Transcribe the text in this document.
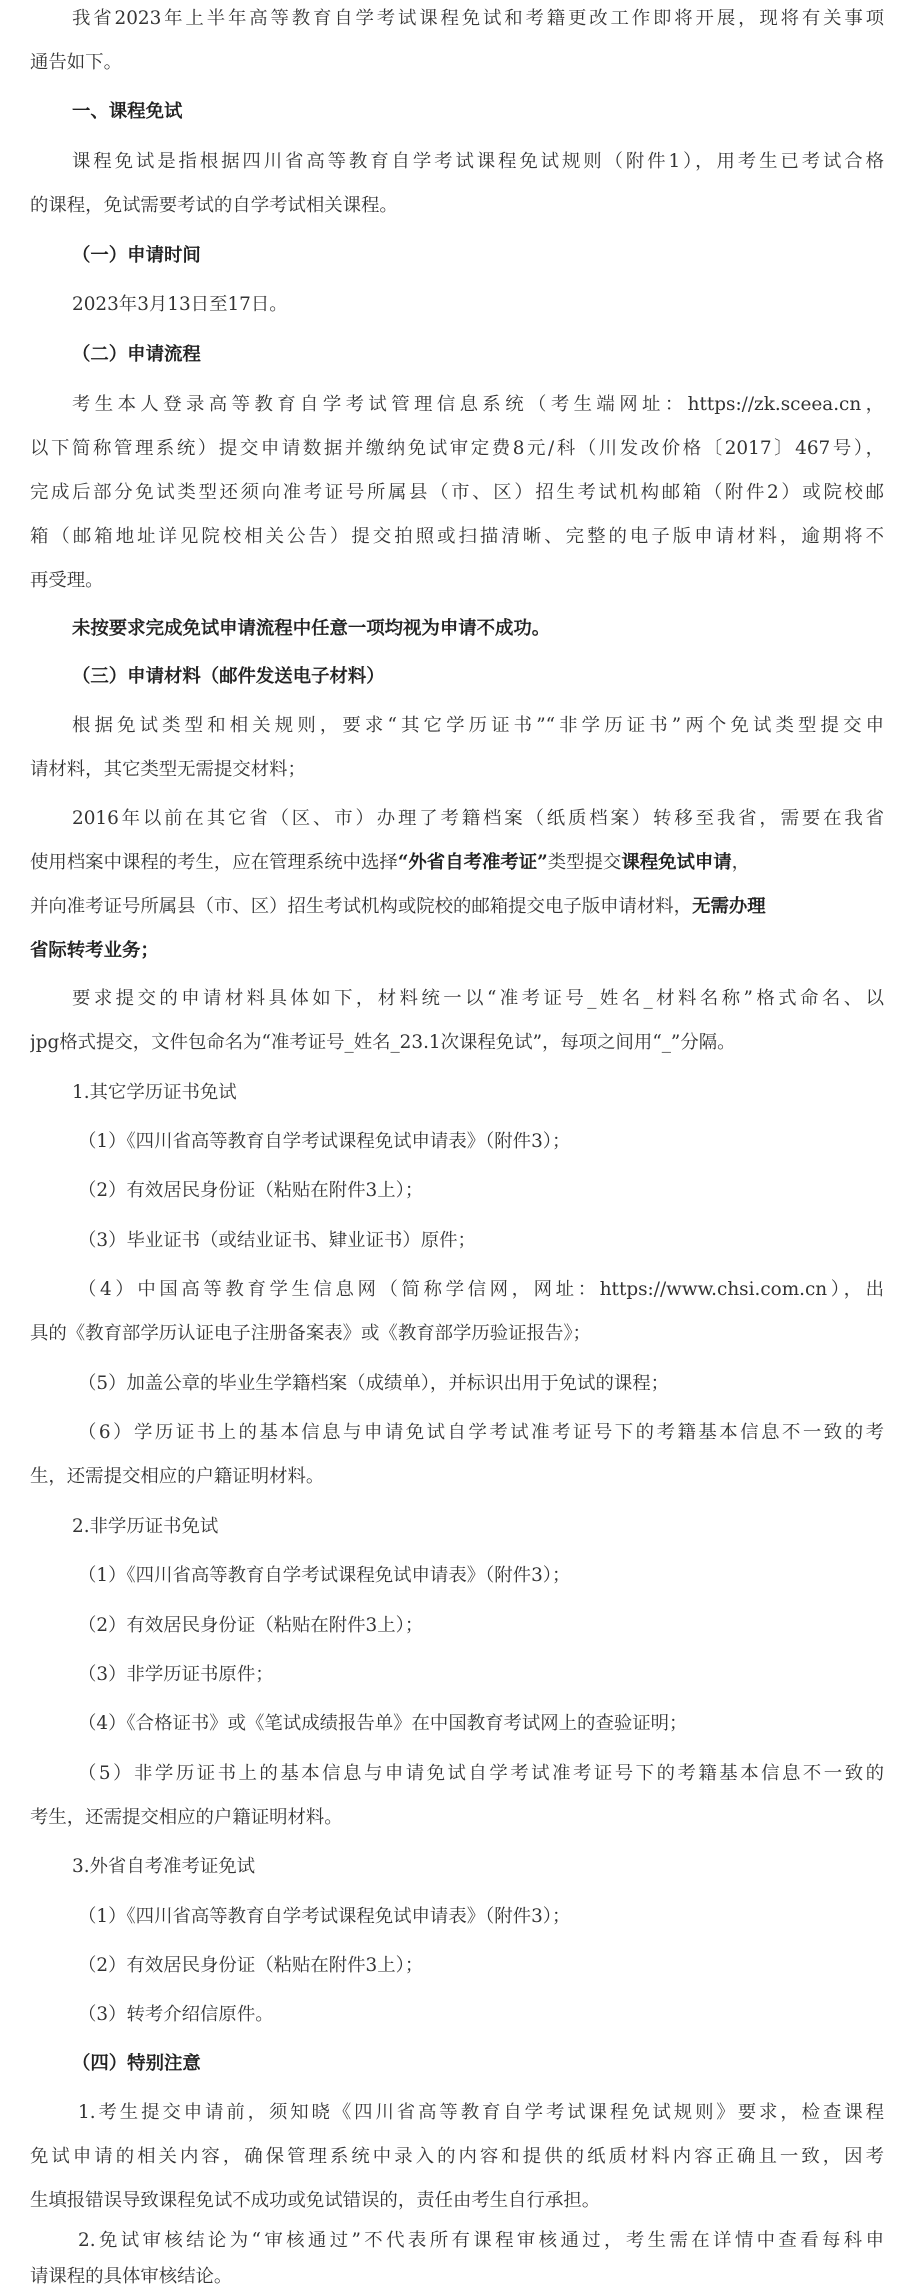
我省2023年上半年高等教育自学考试课程免试和考籍更改工作即将开展，现将有关事项
通告如下。
一、课程免试
课程免试是指根据四川省高等教育自学考试课程免试规则（附件1），用考生已考试合格
的课程，免试需要考试的自学考试相关课程。
（一）申请时间
2023年3月13日至17日。
（二）申请流程
考生本人登录高等教育自学考试管理信息系统（考生端网址：https://zk.sceea.cn，
以下简称管理系统）提交申请数据并缴纳免试审定费8元/科（川发改价格〔2017〕467号），
完成后部分免试类型还须向准考证号所属县（市、区）招生考试机构邮箱（附件2）或院校邮
箱（邮箱地址详见院校相关公告）提交拍照或扫描清晰、完整的电子版申请材料，逾期将不
再受理。
未按要求完成免试申请流程中任意一项均视为申请不成功。
（三）申请材料（邮件发送电子材料）
根据免试类型和相关规则，要求“其它学历证书”“非学历证书”两个免试类型提交申
请材料，其它类型无需提交材料；
2016年以前在其它省（区、市）办理了考籍档案（纸质档案）转移至我省，需要在我省
使用档案中课程的考生，应在管理系统中选择“外省自考准考证”类型提交课程免试申请，
并向准考证号所属县（市、区）招生考试机构或院校的邮箱提交电子版申请材料，无需办理
省际转考业务；
要求提交的申请材料具体如下，材料统一以“准考证号_姓名_材料名称”格式命名、以
jpg格式提交，文件包命名为“准考证号_姓名_23.1次课程免试”，每项之间用“_”分隔。
1.其它学历证书免试
（1）《四川省高等教育自学考试课程免试申请表》（附件3）；
（2）有效居民身份证（粘贴在附件3上）；
（3）毕业证书（或结业证书、肄业证书）原件；
（4）中国高等教育学生信息网（简称学信网，网址：https://www.chsi.com.cn），出
具的《教育部学历认证电子注册备案表》或《教育部学历验证报告》；
（5）加盖公章的毕业生学籍档案（成绩单），并标识出用于免试的课程；
（6）学历证书上的基本信息与申请免试自学考试准考证号下的考籍基本信息不一致的考
生，还需提交相应的户籍证明材料。
2.非学历证书免试
（1）《四川省高等教育自学考试课程免试申请表》（附件3）；
（2）有效居民身份证（粘贴在附件3上）；
（3）非学历证书原件；
（4）《合格证书》或《笔试成绩报告单》在中国教育考试网上的查验证明；
（5）非学历证书上的基本信息与申请免试自学考试准考证号下的考籍基本信息不一致的
考生，还需提交相应的户籍证明材料。
3.外省自考准考证免试
（1）《四川省高等教育自学考试课程免试申请表》（附件3）；
（2）有效居民身份证（粘贴在附件3上）；
（3）转考介绍信原件。
（四）特别注意
1.考生提交申请前，须知晓《四川省高等教育自学考试课程免试规则》要求，检查课程
免试申请的相关内容，确保管理系统中录入的内容和提供的纸质材料内容正确且一致，因考
生填报错误导致课程免试不成功或免试错误的，责任由考生自行承担。
2.免试审核结论为“审核通过”不代表所有课程审核通过，考生需在详情中查看每科申
请课程的具体审核结论。
